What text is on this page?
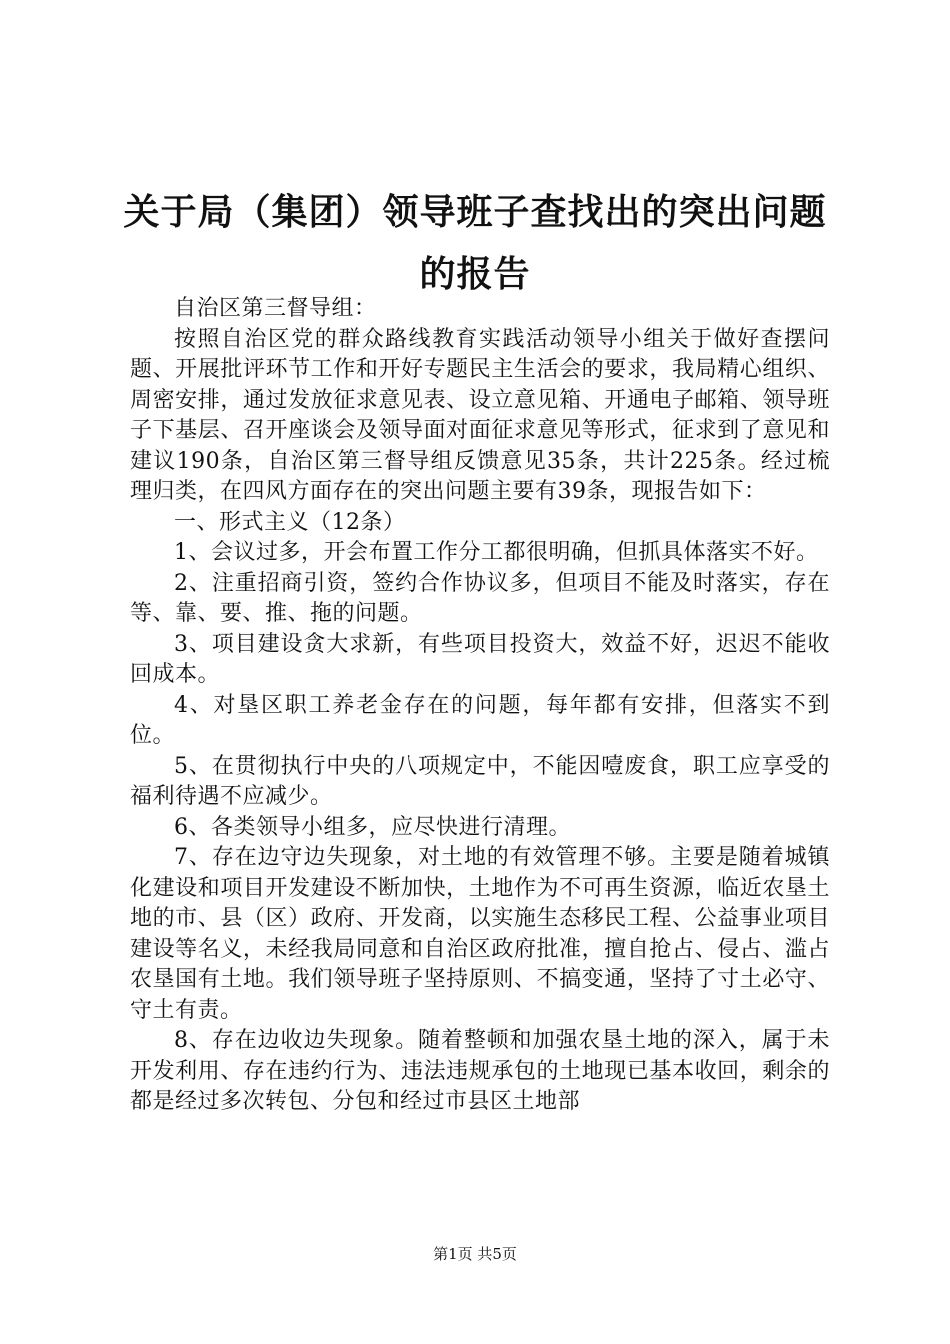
关于局（集团）领导班子查找出的突出问题的报告

自治区第三督导组：

按照自治区党的群众路线教育实践活动领导小组关于做好查摆问题、开展批评环节工作和开好专题民主生活会的要求，我局精心组织、周密安排，通过发放征求意见表、设立意见箱、开通电子邮箱、领导班子下基层、召开座谈会及领导面对面征求意见等形式，征求到了意见和建议190条，自治区第三督导组反馈意见35条，共计225条。经过梳理归类，在四风方面存在的突出问题主要有39条，现报告如下：

一、形式主义（12条）

1、会议过多，开会布置工作分工都很明确，但抓具体落实不好。

2、注重招商引资，签约合作协议多，但项目不能及时落实，存在等、靠、要、推、拖的问题。

3、项目建设贪大求新，有些项目投资大，效益不好，迟迟不能收回成本。

4、对垦区职工养老金存在的问题，每年都有安排，但落实不到位。

5、在贯彻执行中央的八项规定中，不能因噎废食，职工应享受的福利待遇不应减少。

6、各类领导小组多，应尽快进行清理。

7、存在边守边失现象，对土地的有效管理不够。主要是随着城镇化建设和项目开发建设不断加快，土地作为不可再生资源，临近农垦土地的市、县（区）政府、开发商，以实施生态移民工程、公益事业项目建设等名义，未经我局同意和自治区政府批准，擅自抢占、侵占、滥占农垦国有土地。我们领导班子坚持原则、不搞变通，坚持了寸土必守、守土有责。

8、存在边收边失现象。随着整顿和加强农垦土地的深入，属于未开发利用、存在违约行为、违法违规承包的土地现已基本收回，剩余的都是经过多次转包、分包和经过市县区土地部

第1页 共5页
